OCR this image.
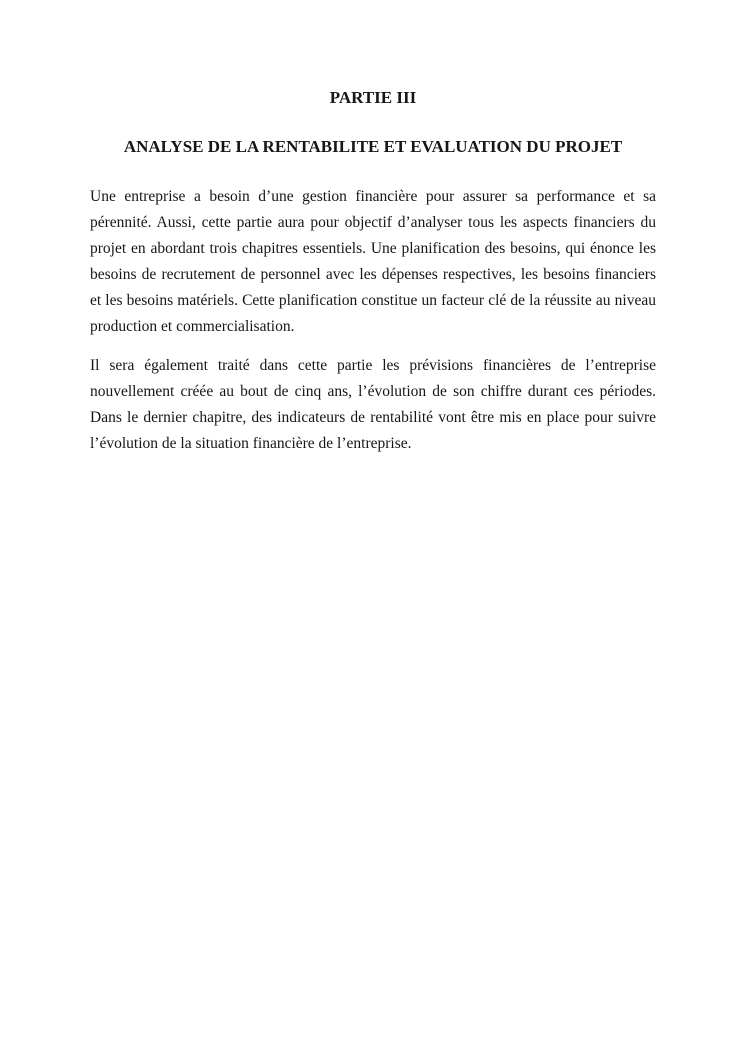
PARTIE III
ANALYSE DE LA RENTABILITE ET EVALUATION DU PROJET

Une entreprise a besoin d’une gestion financière pour assurer sa performance et sa pérennité. Aussi, cette partie aura pour objectif d’analyser tous les aspects financiers du projet en abordant trois chapitres essentiels. Une planification des besoins, qui énonce les besoins de recrutement de personnel avec les dépenses respectives, les besoins financiers et les besoins matériels. Cette planification constitue un facteur clé de la réussite au niveau production et commercialisation.

Il sera également traité dans cette partie les prévisions financières de l’entreprise nouvellement créée au bout de cinq ans, l’évolution de son chiffre durant ces périodes. Dans le dernier chapitre, des indicateurs de rentabilité vont être mis en place pour suivre l’évolution de la situation financière de l’entreprise.
